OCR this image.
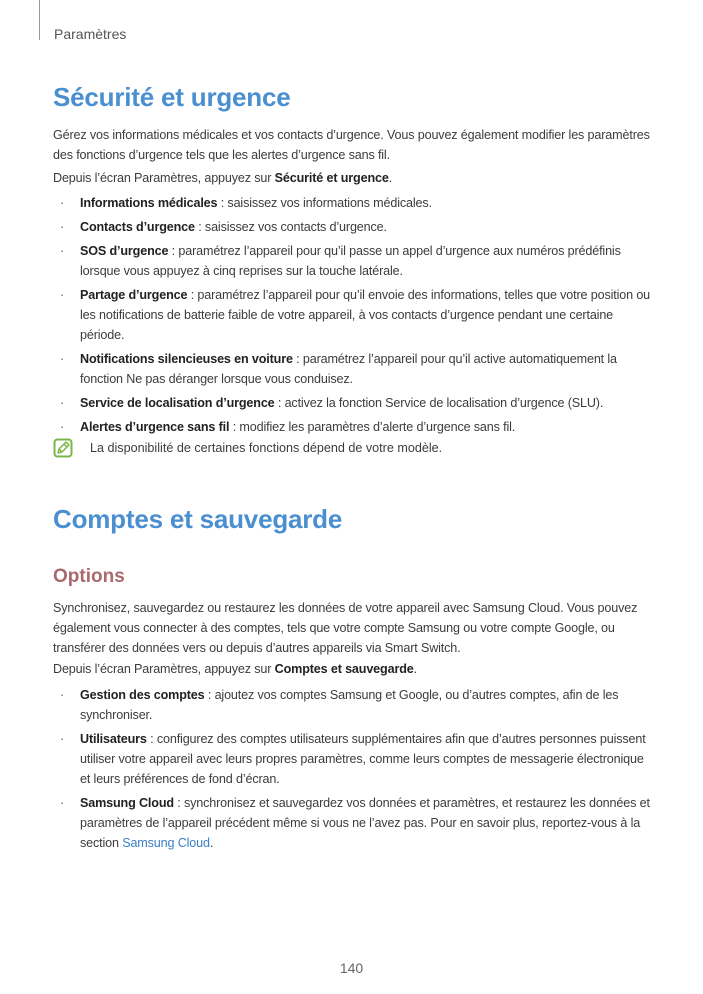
Paramètres
Sécurité et urgence
Gérez vos informations médicales et vos contacts d’urgence. Vous pouvez également modifier les paramètres des fonctions d’urgence tels que les alertes d’urgence sans fil.
Depuis l’écran Paramètres, appuyez sur Sécurité et urgence.
· Informations médicales : saisissez vos informations médicales.
· Contacts d’urgence : saisissez vos contacts d’urgence.
· SOS d’urgence : paramétrez l’appareil pour qu’il passe un appel d’urgence aux numéros prédéfinis lorsque vous appuyez à cinq reprises sur la touche latérale.
· Partage d’urgence : paramétrez l’appareil pour qu’il envoie des informations, telles que votre position ou les notifications de batterie faible de votre appareil, à vos contacts d’urgence pendant une certaine période.
· Notifications silencieuses en voiture : paramétrez l’appareil pour qu’il active automatiquement la fonction Ne pas déranger lorsque vous conduisez.
· Service de localisation d’urgence : activez la fonction Service de localisation d’urgence (SLU).
· Alertes d’urgence sans fil : modifiez les paramètres d’alerte d’urgence sans fil.
La disponibilité de certaines fonctions dépend de votre modèle.
Comptes et sauvegarde
Options
Synchronisez, sauvegardez ou restaurez les données de votre appareil avec Samsung Cloud. Vous pouvez également vous connecter à des comptes, tels que votre compte Samsung ou votre compte Google, ou transférer des données vers ou depuis d’autres appareils via Smart Switch.
Depuis l’écran Paramètres, appuyez sur Comptes et sauvegarde.
· Gestion des comptes : ajoutez vos comptes Samsung et Google, ou d’autres comptes, afin de les synchroniser.
· Utilisateurs : configurez des comptes utilisateurs supplémentaires afin que d’autres personnes puissent utiliser votre appareil avec leurs propres paramètres, comme leurs comptes de messagerie électronique et leurs préférences de fond d’écran.
· Samsung Cloud : synchronisez et sauvegardez vos données et paramètres, et restaurez les données et paramètres de l’appareil précédent même si vous ne l’avez pas. Pour en savoir plus, reportez-vous à la section Samsung Cloud.
140
